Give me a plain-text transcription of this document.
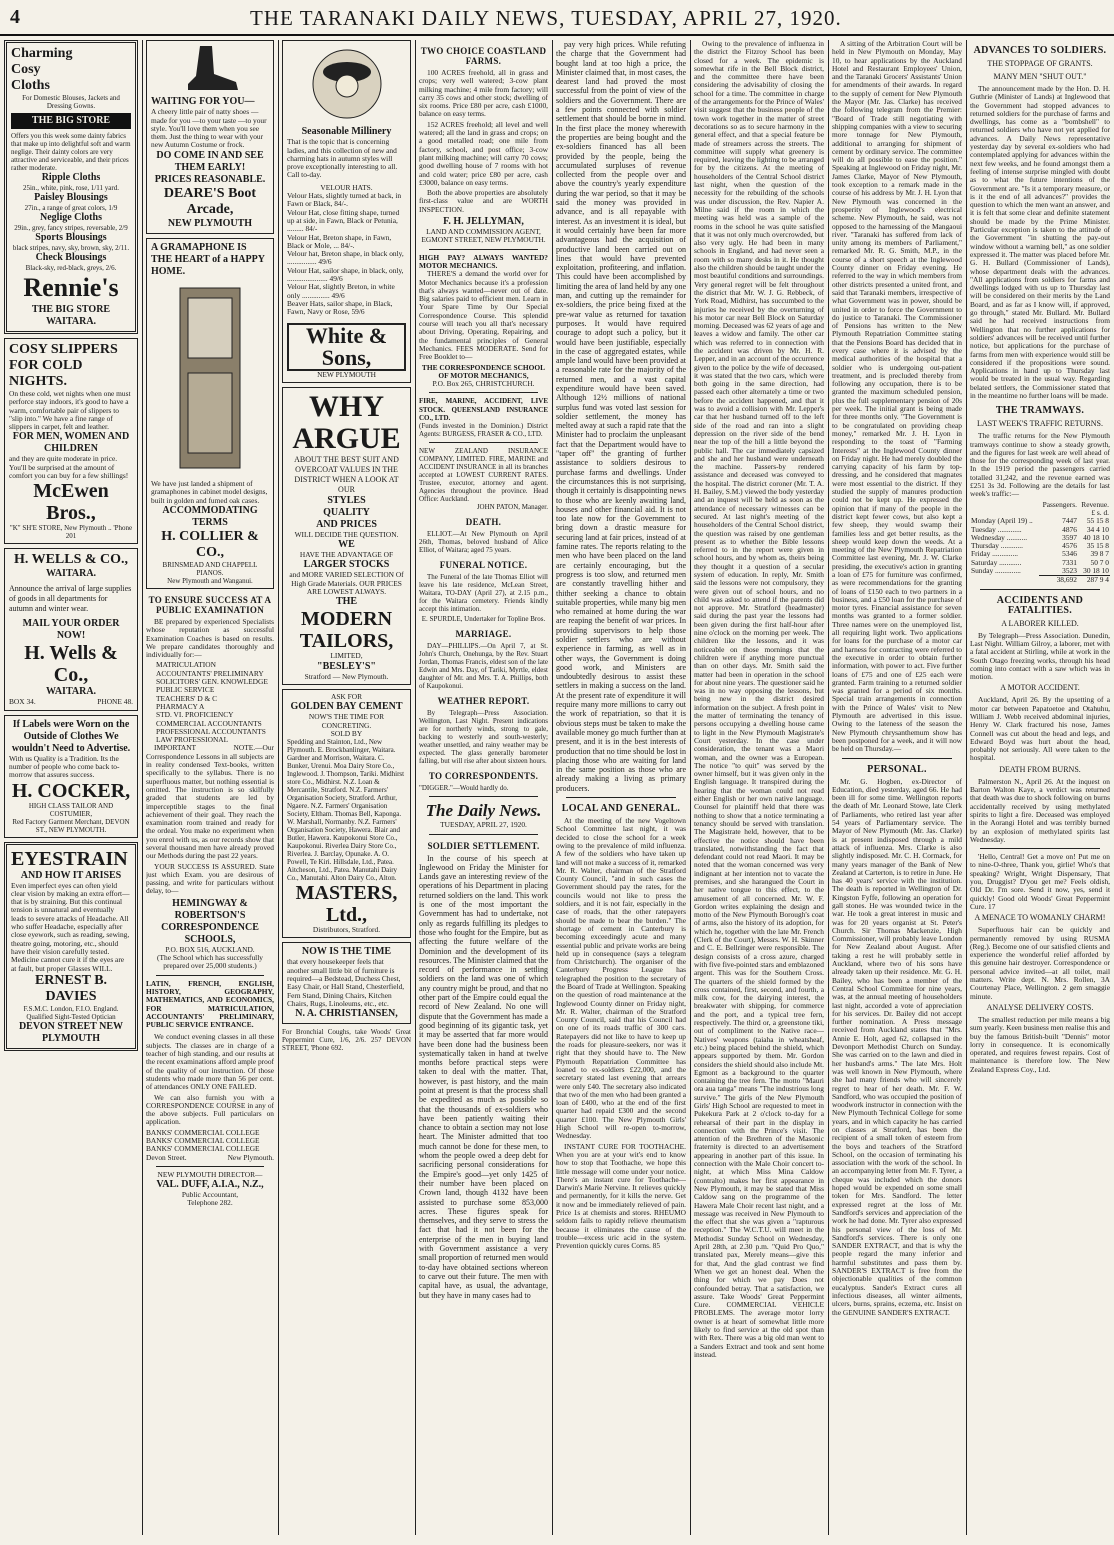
4	THE TARANAKI DAILY NEWS, TUESDAY, APRIL 27, 1920.
Charming
Cosy
Cloths
For Domestic Blouses, Jackets and Dressing Gowns.
THE BIG STORE
Offers you this week some dainty fabrics that make up into delightful soft and warm neglige. Their dainty colors are very attractive and serviceable, and their prices rather moderate.
Ripple Cloths
25in., white, pink, rose, 1/11 yard.
Paisley Blousings
27in., a range of great colors, 1/9
Neglige Cloths
29in., grey, fancy stripes, reversable, 2/9
Sports Blousings
black stripes, navy, sky, brown, sky, 2/11.
Check Blousings
Black-sky, red-black, greys, 2/6.
Rennie's
THE BIG STORE
WAITARA.
COSY SLIPPERS FOR COLD NIGHTS.
On these cold, wet nights when one must perforce stay indoors, it's good to have a warm, comfortable pair of slippers to "slip into." We have a fine range of slippers in carpet, felt and leather.
FOR MEN, WOMEN AND CHILDREN
and they are quite moderate in price. You'll be surprised at the amount of comfort you can buy for a few shillings!
McEwen Bros.,
"K" SH'E STORE, New Plymouth .. 'Phone 201
H. WELLS & CO.,
WAITARA.
Announce the arrival of large supplies of goods in all departments for autumn and winter wear.
MAIL YOUR ORDER NOW!
H. Wells & Co.,
WAITARA.
BOX 34.	PHONE 48.
If Labels were Worn on the Outside of Clothes We wouldn't Need to Advertise.
With us Quality is a Tradition. Its the number of people who come back to-morrow that assures success.
H. COCKER,
HIGH CLASS TAILOR AND COSTUMIER,
Red Factory Garment Merchant, DEVON ST., NEW PLYMOUTH.
EYESTRAIN
AND HOW IT ARISES
Even imperfect eyes can often yield clear vision by making an extra effort—that is by straining. But this continual tension is unnatural and eventually leads to severe attacks of Headache. All who suffer Headache, especially after close eyework, such as reading, sewing, theatre going, motoring, etc., should have their vision carefully tested. Medicine cannot cure it if the eyes are at fault, but proper Glasses WILL.
ERNEST B. DAVIES
F.S.M.C. London, F.I.O. England. Qualified Sight-Tested Optician
DEVON STREET NEW PLYMOUTH
WAITING FOR YOU—
A cheery little pair of natty shoes —made for you —to your taste —to your style. You'll love them when you see them. Just the thing to wear with your new Autumn Costume or frock.
DO COME IN AND SEE THEM EARLY!
PRICES REASONABLE.
DEARE'S Boot Arcade,
NEW PLYMOUTH
A GRAMAPHONE IS THE HEART of a HAPPY HOME.
We have just landed a shipment of gramaphones in cabinet model designs, built in golden and fumed oak cases.
ACCOMMODATING TERMS
H. COLLIER & CO.,
BRINSMEAD AND CHAPPELL PIANOS.
New Plymouth and Wanganui.
TO ENSURE SUCCESS AT A PUBLIC EXAMINATION
BE prepared by experienced Specialists whose reputation as successful Examination Coaches is based on results. We prepare candidates thoroughly and individually for:—
MATRICULATION
ACCOUNTANTS' PRELIMINARY
SOLICITORS' GEN. KNOWLEDGE
PUBLIC SERVICE
TEACHERS' D & C
PHARMACY A
STD. VI. PROFICIENCY
COMMERCIAL ACCOUNTANTS
PROFESSIONAL ACCOUNTANTS
LAW PROFESSIONAL
IMPORTANT NOTE.—Our Correspondence Lessons in all subjects are in reality condensed Text-books, written specifically to the syllabus. There is no superfluous matter, but nothing essential is omitted. The instruction is so skilfully graded that students are led by imperceptible stages to the final achievement of their goal. They reach the examination room trained and ready for the ordeal. You make no experiment when you enrol with us, as our records show that several thousand men have already proved our Methods during the past 22 years.
YOUR SUCCESS IS ASSURED. State just which Exam. you are desirous of passing, and write for particulars without delay, to—
HEMINGWAY & ROBERTSON'S CORRESPONDENCE SCHOOLS,
P.O. BOX 516, AUCKLAND.
(The School which has successfully prepared over 25,000 students.)
LATIN, FRENCH, ENGLISH, HISTORY, GEOGRAPHY, MATHEMATICS, AND ECONOMICS, FOR MATRICULATION, ACCOUNTANTS' PRELIMINARY, PUBLIC SERVICE ENTRANCE.
We conduct evening classes in all these subjects. The classes are in charge of a teacher of high standing, and our results at the recent examinations afford ample proof of the quality of our instruction. Of those students who made more than 56 per cent. of attendances ONLY ONE FAILED.
We can also furnish you with a CORRESPONDENCE COURSE in any of the above subjects. Full particulars on application.
BANKS' COMMERCIAL COLLEGE
BANKS' COMMERCIAL COLLEGE
BANKS' COMMERCIAL COLLEGE
Devon Street.	New Plymouth.
NEW PLYMOUTH DIRECTOR—
VAL. DUFF, A.I.A., N.Z.,
Public Accountant,
Telephone 282.
Seasonable Millinery
That is the topic that is concerning ladies, and this collection of new and charming hats in autumn styles will prove exceptionally interesting to all. Call to-day.
VELOUR HATS.
Velour Hats, slightly turned at back, in Fawn or Black, 84/-.
Velour Hat, close fitting shape, turned up at side, in Fawn, Black or Petunia, ......... 84/-
Velour Hat, Breton shape, in Fawn, Black or Mole, ... 84/-.
Velour hat, Breton shape, in black only, ................ 49/6
Velour Hat, sailor shape, in black, only, ...................... 49/6
Velour Hat, slightly Breton, in white only ............... 49/6
Beaver Hats, sailor shape, in Black, Fawn, Navy or Rose, 59/6
White & Sons,
NEW PLYMOUTH
WHY
ARGUE
ABOUT THE BEST SUIT AND OVERCOAT VALUES IN THE DISTRICT WHEN A LOOK AT OUR
STYLES
QUALITY
AND PRICES
WILL DECIDE THE QUESTION.
WE
HAVE THE ADVANTAGE OF
LARGER STOCKS
and MORE VARIED SELECTION Of High Grade Materials. OUR PRICES ARE LOWEST ALWAYS.
THE
MODERN
TAILORS,
LIMITED,
"BESLEY'S"
Stratford — New Plymouth.
ASK FOR
GOLDEN BAY CEMENT
NOW'S THE TIME FOR CONCRETING.
SOLD BY
Spedding and Stainton, Ltd., New Plymouth. E. Brockbanlinger, Waitara. Gardner and Morrison, Waitara. C. Bunker, Urenui. Moa Dairy Store Co., Inglewood. J. Thompson, Tariki. Midhirst store Co., Midhirst. N.Z. Loan & Mercantile, Stratford. N.Z. Farmers' Organisation Society, Stratford. Arthur, Ngaere. N.Z. Farmers' Organisation Society, Eltham. Thomas Bell, Kaponga. W. Marshall, Normanby. N.Z. Farmers' Organisation Society, Hawera. Blair and Butler, Hawera. Kaupokonui Store Co., Kaupokonui. Riverlea Dairy Store Co., Riverlea. J. Barclay, Opunake. A. O. Powell, Te Kiri. Hillsdale, Ltd., Patea. Aitcheson, Ltd., Patea. Manutahi Dairy Co., Manutahi. Alton Dairy Co., Alton.
MASTERS, Ltd.,
Distributors, Stratford.
NOW IS THE TIME
that every housekeeper feels that another small little bit of furniture is required—a Bedstead, Duchess Chest, Easy Chair, or Hall Stand, Chesterfield, Fern Stand, Dining Chairs, Kitchen Chairs, Rugs, Linoleums, etc., etc.
N. A. CHRISTIANSEN,
For Bronchial Coughs, take Woods' Great Peppermint Cure, 1/6, 2/6. 257 DEVON STREET, 'Phone 692.
TWO CHOICE COASTLAND FARMS.
100 ACRES freehold, all in grass and crops; very well watered; 3-cow plant milking machine; 4 mile from factory; will carry 35 cows and other stock; dwelling of six rooms. Price £80 per acre, cash £1000, balance on easy terms.
152 ACRES freehold; all level and well watered; all the land in grass and crops; on a good metalled road; one mile from factory, school, and post office; 3-cow plant milking machine; will carry 70 cows; good dwelling house of 7 rooms with hot and cold water; price £80 per acre, cash £3000, balance on easy terms.
Both the above properties are absolutely first-class value and are WORTH INSPECTION.
F. H. JELLYMAN,
LAND AND COMMISSION AGENT, EGMONT STREET, NEW PLYMOUTH.
HIGH PAY? ALWAYS WANTED? MOTOR MECHANICS.
THERE'S a demand the world over for Motor Mechanics because it's a profession that's always wanted—never out of date. Big salaries paid to efficient men. Learn in Your Spare Time by Our Special Correspondence Course. This splendid course will teach you all that's necessary about Driving, Operating, Repairing, and the fundamental principles of General Mechanics. FEES MODERATE. Send for Free Booklet to—
THE CORRESPONDENCE SCHOOL OF MOTOR MECHANICS,
P.O. Box 265, CHRISTCHURCH.
FIRE, MARINE, ACCIDENT, LIVE STOCK. QUEENSLAND INSURANCE CO., LTD.
(Funds invested in the Dominion.) District Agents: BURGESS, FRASER & CO., LTD.
NEW ZEALAND INSURANCE COMPANY, LIMITED. FIRE, MARINE and ACCIDENT INSURANCE in all its branches accepted at LOWEST CURRENT RATES. Trustee, executor, attorney and agent. Agencies throughout the province. Head Office: Auckland.
JOHN PATON, Manager.
DEATH.
ELLIOT.—At New Plymouth on April 26th, Thomas, beloved husband of Alice Elliot, of Waitara; aged 75 years.
FUNERAL NOTICE.
The Funeral of the late Thomas Elliot will leave his late residence, McLean Street, Waitara, TO-DAY (April 27), at 2.15 p.m., for the Waitara cemetery. Friends kindly accept this intimation.
E. SPURDLE, Undertaker for Topline Bros.
MARRIAGE.
DAY—PHILLIPS.—On April 7, at St. John's Church, Onehunga, by the Rev. Stuart Jordan, Thomas Francis, eldest son of the late Edwin and Mrs. Day, of Tariki, Myrtle, eldest daughter of Mr. and Mrs. T. A. Phillips, both of Kaupokonui.
WEATHER REPORT.
By Telegraph—Press Association. Wellington, Last Night. Present indications are for northerly winds, strong to gale, backing to westerly and south-westerly; weather unsettled, and rainy weather may be expected. The glass generally barometer falling, but will rise after about sixteen hours.
TO CORRESPONDENTS.
"DIGGER."—Would hardly do.
The Daily News.
TUESDAY, APRIL 27, 1920.
SOLDIER SETTLEMENT.
In the course of his speech at Inglewood on Friday the Minister for Lands gave an interesting review of the operations of his Department in placing returned soldiers on the land. This work is one of the most important the Government has had to undertake, not only as regards fulfilling its pledges to those who fought for the Empire, but as affecting the future welfare of the Dominion and the development of its resources. The Minister claimed that the record of performance in settling soldiers on the land was one of which any country might be proud, and that no other part of the Empire could equal the record of New Zealand. No one will dispute that the Government has made a good beginning of its gigantic task, yet it may be asserted that far more would have been done had the business been systematically taken in hand at twelve months before practical steps were taken to deal with the matter. That, however, is past history, and the main point at present is that the process shall be expedited as much as possible so that the thousands of ex-soldiers who have been patiently waiting their chance to obtain a section may not lose heart. The Minister admitted that too much cannot be done for these men, to whom the people owed a deep debt for sacrificing personal considerations for the Empire's good—yet only 1425 of their number have been placed on Crown land, though 4132 have been assisted to purchase some 853,000 acres. These figures speak for themselves, and they serve to stress the fact that had it not been for the enterprise of the men in buying land with Government assistance a very small proportion of returned men would to-day have obtained sections whereon to carve out their future. The men with capital have, as usual, the advantage, but they have in many cases had to
pay very high prices. While refuting the charge that the Government had bought land at too high a price, the Minister claimed that, in most cases, the dearest land had proved the most successful from the point of view of the soldiers and the Government. There are a few points connected with soldier settlement that should be borne in mind. In the first place the money wherewith the properties are being bought and the ex-soldiers financed has all been provided by the people, being the accumulated surpluses of revenue collected from the people over and above the country's yearly expenditure during the war period, so that it may be said the money was provided in advance, and is all repayable with interest. As an investment it is ideal, but it would certainly have been far more advantageous had the acquisition of productive land been carried out on lines that would have prevented exploitation, profiteering, and inflation. This could have been accomplished by limiting the area of land held by any one man, and cutting up the remainder for ex-soldiers, the price being fixed at the pre-war value as returned for taxation purposes. It would have required courage to adopt such a policy, but it would have been justifiable, especially in the case of aggregated estates, while ample land would have been provided at a reasonable rate for the majority of the returned men, and a vast capital expenditure would have been saved. Although 12½ millions of national surplus fund was voted last session for soldier settlement, the money has melted away at such a rapid rate that the Minister had to proclaim the unpleasant fact that the Department would have to "taper off" the granting of further assistance to soldiers desirous to purchase farms and dwellings. Under the circumstances this is not surprising, though it certainly is disappointing news to those who are keenly awaiting land, houses and other financial aid. It is not too late now for the Government to bring down a drastic measure for securing land at fair prices, instead of at famine rates. The reports relating to the men who have been placed on the land are certainly encouraging, but the progress is too slow, and returned men are constantly travelling hither and thither seeking a chance to obtain suitable properties, while many big men who remained at home during the war are reaping the benefit of war prices. In providing supervisors to help those soldier settlers who are without experience in farming, as well as in other ways, the Government is doing good work, and Ministers are undoubtedly desirous to assist these settlers in making a success on the land. At the present rate of expenditure it will require many more millions to carry out the work of repatriation, so that it is obvious steps must be taken to make the available money go much further than at present, and it is in the best interests of production that no time should be lost in placing those who are waiting for land in the same position as those who are already making a living as primary producers.
LOCAL AND GENERAL.
At the meeting of the new Vogeltown School Committee last night, it was decided to close the school for a week owing to the prevalence of mild influenza. A few of the soldiers who have taken up land will not make a success of it, remarked Mr. R. Walter, chairman of the Stratford County Council, "and in such cases the Government should pay the rates, for the councils would not like to press the soldiers, and it is not fair, especially in the case of roads, that the other ratepayers should be made to bear the burden." The shortage of cement in Canterbury is becoming exceedingly acute and many essential public and private works are being held up in consequence (says a telegram from Christchurch). The organiser of the Canterbury Progress League has telegraphed the position to the secretary of the Board of Trade at Wellington. Speaking on the question of road maintenance at the Inglewood County dinner on Friday night, Mr. R. Walter, chairman of the Stratford County Council, said that his Council had on one of its roads traffic of 300 cars. Ratepayers did not like to have to keep up the roads for pleasure-seekers, nor was it right that they should have to. The New Plymouth Repatriation Committee has loaned to ex-soldiers £22,000, and the secretary stated last evening that arrears were only £40. The secretary also indicated that two of the men who had been granted a loan of £400, who at the end of the first quarter had repaid £300 and the second quarter £100. The New Plymouth Girls' High School will re-open to-morrow, Wednesday.
INSTANT CURE FOR TOOTHACHE. When you are at your wit's end to know how to stop that Toothache, we hope this little message will come under your notice. There's an instant cure for Toothache—Darwin's Marie Nervine. It relieves quickly and permanently, for it kills the nerve. Get it now and be immediately relieved of pain. Price 1s at chemists and stores. RHEUMO seldom fails to rapidly relieve rheumatism because it eliminates the cause of the trouble—excess uric acid in the system. Prevention quickly cures Corns. 85
Owing to the prevalence of influenza in the district the Fitzroy School has been closed for a week. The epidemic is somewhat rife in the Bell Block district, and the committee there have been considering the advisability of closing the school for a time. The committee in charge of the arrangements for the Prince of Wales' visit suggest that the business people of the town work together in the matter of street decorations so as to secure harmony in the general effect, and that a special feature be made of streamers across the streets. The committee will supply what greenery is required, leaving the lighting to be arranged for by the citizens. At the meeting of householders of the Central School district last night, when the question of the necessity for the rebuilding of the schools was under discussion, the Rev. Napier A. Milne said if the room in which the meeting was held was a sample of the rooms in the school he was quite satisfied that it was not only much overcrowded, but also very ugly. He had been in many schools in England, and had never seen a room with so many desks in it. He thought also the children should be taught under the most beautiful conditions and surroundings. Very general regret will be felt throughout the district that Mr. W. J. G. Rebbeck, of York Road, Midhirst, has succumbed to the injuries he received by the overturning of his motor car near Bell Block on Saturday morning. Deceased was 62 years of age and leaves a widow and family. The other car which was referred to in connection with the accident was driven by Mr. H. R. Lepper, and in an account of the occurrence given to the police by the wife of deceased, it was stated that the two cars, which were both going in the same direction, had passed each other alternately a time or two before the accident happened, and that it was to avoid a collision with Mr. Lepper's car that her husband turned off to the left side of the road and ran into a slight depression on the river side of the bend near the top of the hill a little beyond the public hall. The car immediately capsized and she and her husband were underneath the machine. Passers-by rendered assistance and deceased was conveyed to the hospital. The district coroner (Mr. T. A. H. Bailey, S.M.) viewed the body yesterday and an inquest will be held as soon as the attendance of necessary witnesses can be secured. At last night's meeting of the householders of the Central School district, the question was raised by one gentleman present as to whether the Bible lessons referred to in the report were given in school hours, and by whom as, theirs being they thought it a question of a secular system of education. In reply, Mr. Smith said the lessons were not compulsory, they were given out of school hours, and no child was asked to attend if the parents did not approve. Mr. Stratford (headmaster) said during the past year the lessons had been given during the first half-hour after nine o'clock on the morning per week. The children like the lessons, and it was noticeable on those mornings that the children were if anything more punctual than on other days. Mr. Smith said the matter had been in operation in the school for about nine years. The questioner said he was in no way opposing the lessons, but being new in the district desired information on the subject. A fresh point in the matter of terminating the tenancy of persons occupying a dwelling house came to light in the New Plymouth Magistrate's Court yesterday. In the case under consideration, the tenant was a Maori woman, and the owner was a European. The notice "to quit" was served by the owner himself, but it was given only in the English language. It transpired during the hearing that the woman could not read either English or her own native language. Counsel for plaintiff held that there was nothing to show that a notice terminating a tenancy should be served with translation. The Magistrate held, however, that to be effective the notice should have been translated, notwithstanding the fact that defendant could not read Maori. It may be noted that the woman concerned was very indignant at her intention not to vacate the premises, and she harangued the Court in her native tongue to this effect, to the amusement of all concerned. Mr. W. F. Gordon writes explaining the design and motto of the New Plymouth Borough's coat of arms, also the history of its adoption, for which he, together with the late Mr. French (Clerk of the Court), Messrs. W. H. Skinner and C. E. Bellringer were responsible. The design consists of a cross azure, charged with five five-pointed stars and emblazoned argent. This was for the Southern Cross. The quarters of the shield formed by the cross contained, first, second, and fourth, a milk cow, for the dairying interest, the breakwater with shipping, for commerce and the port, and a typical tree fern, respectively. The third or, a greenstone tiki, out of compliment to the Native race—Natives' weapons (taiaha in wheatsheaf, etc.) being placed behind the shield, which appears supported by them. Mr. Gordon considers the shield should also include Mt. Egmont as a background to the quarter containing the tree fern. The motto "Mauri ora aua tanga" means "The industrious long survive." The girls of the New Plymouth Girls' High School are requested to meet in Pukekura Park at 2 o'clock to-day for a rehearsal of their part in the display in connection with the Prince's visit. The attention of the Brethren of the Masonic fraternity is directed to an advertisement appearing in another part of this issue. In connection with the Male Choir concert to-night, at which Miss Mina Caldow (contralto) makes her first appearance in New Plymouth, it may be stated that Miss Caldow sang on the programme of the Hawera Male Choir recent last night, and a message was received in New Plymouth to the effect that she was given a "rapturous reception." The W.C.T.U. will meet in the Methodist Sunday School on Wednesday, April 28th, at 2.30 p.m. "Quid Pro Quo," translated pax, Merely means—give this for that, And the glad contrast we find When we get an honest deal. When the thing for which we pay Does not confounded betray. That a satisfaction, we assure. Take Woods' Great Peppermint Cure. COMMERCIAL VEHICLE PROBLEMS. The average motor lorry owner is at heart of somewhat little more likely to find service at the old spot than with Rex. There was a big old man went to a Sanders Extract and took and sent home instead.
A sitting of the Arbitration Court will be held in New Plymouth on Monday, May 10, to hear applications by the Auckland Hotel and Restaurant Employees' Union, and the Taranaki Grocers' Assistants' Union for amendments of their awards. In regard to the supply of cement for New Plymouth the Mayor (Mr. Jas. Clarke) has received the following telegram from the Premier: "Board of Trade still negotiating with shipping companies with a view to securing more tonnage for New Plymouth, additional to arranging for shipment of cement by ordinary service. The committee will do all possible to ease the position." Speaking at Inglewood on Friday night, Mr. James Clarke, Mayor of New Plymouth, took exception to a remark made in the course of his address by Mr. J. H. Lyon that New Plymouth was concerned in the prosperity of Inglewood's electrical scheme. New Plymouth, he said, was not opposed to the harnessing of the Mangaoui river. "Taranaki has suffered from lack of unity among its members of Parliament," remarked Mr. R. G. Smith, M.P., in the course of a short speech at the Inglewood County dinner on Friday evening. He referred to the way in which members from other districts presented a united front, and said that Taranaki members, irrespective of what Government was in power, should be united in order to force the Government to do justice to Taranaki. The Commissioner of Pensions has written to the New Plymouth Repatriation Committee stating that the Pensions Board has decided that in every case where it is advised by the medical authorities of the hospital that a soldier who is undergoing out-patient treatment, and is precluded thereby from following any occupation, there is to be granted the maximum scheduled pension, plus the full supplementary pension of 20s per week. The initial grant is being made for three months only. "The Government is to be congratulated on providing cheap money," remarked Mr. J. H. Lyon in responding to the toast of "Farming Interests" at the Inglewood County dinner on Friday night. He had merely doubled the carrying capacity of his farm by top-dressing, and he considered that magnates were most essential to the district. If they studied the supply of manures production could not be kept up. He expressed the opinion that if many of the people in the district kept fewer cows, but also kept a few sheep, they would swamp their families less and get better results, as the sheep would keep down the weeds. At a meeting of the New Plymouth Repatriation Committee last evening, Mr. J. W. Clarke presiding, the executive's action in granting a loan of £75 for furniture was confirmed, as were recommendations for the granting of loans of £150 each to two partners in a business, and a £50 loan for the purchase of motor tyres. Financial assistance for seven months was granted to a former soldier. Three names were on the unemployed list, all requiring light work. Two applications for loans for the purchase of a motor car and harness for contracting were referred to the executive in order to obtain further information, with power to act. Five further loans of £75 and one of £25 each were granted. Farm training to a returned soldier was granted for a period of six months. Special train arrangements in connection with the Prince of Wales' visit to New Plymouth are advertised in this issue. Owing to the lateness of the season the New Plymouth chrysanthemum show has been postponed for a week, and it will now be held on Thursday.—
PERSONAL.
Mr. G. Hogben, ex-Director of Education, died yesterday, aged 66. He had been ill for some time. Wellington reports the death of Mr. Leonard Stowe, late Clerk of Parliaments, who retired last year after 54 years of Parliamentary service. The Mayor of New Plymouth (Mr. Jas. Clarke) is at present indisposed through a mild attack of influenza. Mrs. Clarke is also slightly indisposed. Mr. C. H. Cormack, for many years manager of the Bank of New Zealand at Carterton, is to retire in June. He has 40 years' service with the institution. The death is reported in Wellington of Dr. Kingston Fyffe, following an operation for gall stones. He was wounded twice in the war. He took a great interest in music and was for 20 years organist at St. Peter's Church. Sir Thomas Mackenzie, High Commissioner, will probably leave London for New Zealand about August. After taking a rest he will probably settle in Auckland, where two of his sons have already taken up their residence. Mr. G. H. Bailey, who has been a member of the Central School Committee for nine years, was, at the annual meeting of householders last night, accorded a vote of appreciation for his services. Dr. Bailey did not accept further nomination. A Press message received from Auckland states that "Mrs. Annie E. Holt, aged 62, collapsed in the Devonport Methodist Church on Sunday. She was carried on to the lawn and died in her husband's arms." The late Mrs. Holt was well known in New Plymouth, where she had many friends who will sincerely regret to hear of her death. Mr. F. W. Sandford, who was occupied the position of woodwork instructor in connection with the New Plymouth Technical College for some years, and in which capacity he has carried on classes at Stratford, has been the recipient of a small token of esteem from the boys and teachers of the Stratford School, on the occasion of terminating his association with the work of the school. In an accompanying letter from Mr. F. Tyrer, a cheque was included which the donors hoped would be expended on some small token for Mrs. Sandford. The letter expressed regret at the loss of Mr. Sandford's services and appreciation of the work he had done. Mr. Tyrer also expressed his personal view of the loss of Mr. Sandford's services. There is only one SANDER EXTRACT, and that is why the people regard the many inferior and harmful substitutes and pass them by. SANDER'S EXTRACT is free from the objectionable qualities of the common eucalyptus. Sander's Extract cures all infectious diseases, all winter ailments, ulcers, burns, sprains, eczema, etc. Insist on the GENUINE SANDER'S EXTRACT.
ADVANCES TO SOLDIERS.
THE STOPPAGE OF GRANTS.
MANY MEN "SHUT OUT."
The announcement made by the Hon. D. H. Guthrie (Minister of Lands) at Inglewood that the Government had stopped advances to returned soldiers for the purchase of farms and dwellings, has come as a "bombshell" to returned soldiers who have not yet applied for advances. A Daily News representative yesterday day by several ex-soldiers who had contemplated applying for advances within the next few weeks, and he found amongst them a feeling of intense surprise mingled with doubt as to what the future intentions of the Government are. "Is it a temporary measure, or is it the end of all advances?" provides the question to which the men want an answer, and it is felt that some clear and definite statement should be made by the Prime Minister. Particular exception is taken to the attitude of the Government "in shutting the pay-out window without a warning bell," as one soldier expressed it. The matter was placed before Mr. G. H. Bullard (Commissioner of Lands), whose department deals with the advances. "All applications from soldiers for farms and dwellings lodged with us up to Thursday last will be considered on their merits by the Land Board, and as far as I know will, if approved, go through," stated Mr. Bullard. Mr. Bullard said he had received instructions from Wellington that no further applications for soldiers' advances will be received until further notice, but applications for the purchase of farms from men with experience would still be considered if the propositions were sound. Applications in hand up to Thursday last would be treated in the usual way. Regarding belated settlers, the Commissioner stated that in the meantime no further loans will be made.
THE TRAMWAYS.
LAST WEEK'S TRAFFIC RETURNS.
The traffic returns for the New Plymouth tramways continue to show a steady growth, and the figures for last week are well ahead of those for the corresponding week of last year. In the 1919 period the passengers carried totalled 31,242, and the revenue earned was £251 3s 3d. Following are the details for last week's traffic:—
	Passengers.	Revenue.
		£ s. d.
Monday (April 19) ..	7447	55 15 8
Tuesday .............	4876	34 4 10
Wednesday ...........	3597	40 18 10
Thursday ............	4576	35 15 8
Friday ..............	5346	39 8 7
Saturday ............	7331	50 7 0
Sunday ..............	3523	30 18 10
	38,692	287 9 4
ACCIDENTS AND FATALITIES.
A LABORER KILLED.
By Telegraph—Press Association. Dunedin, Last Night. William Gilroy, a laborer, met with a fatal accident at Stirling, while at work in the South Otago freezing works, through his head coming into contact with a saw which was in motion.
A MOTOR ACCIDENT.
Auckland, April 26. By the upsetting of a motor car between Papatoetoe and Otahuhu, William J. Webb received abdominal injuries, Henry W. Clark fractured his nose, James Connell was cut about the head and legs, and Edward Boyd was hurt about the head, probably not seriously. All were taken to the hospital.
DEATH FROM BURNS.
Palmerston N., April 26. At the inquest on Barton Walton Kaye, a verdict was returned that death was due to shock following on burns accidentally received by using methylated spirits to light a fire. Deceased was employed in the Aorangi Hotel and was terribly burned by an explosion of methylated spirits last Wednesday.
'Hello, Central! Get a move on! Put me on to nine-O-three, Thank you, girlie! Who's that speaking? Wright, Wright Dispensary, That you, Druggist? D'you get me? Feels oldish, Old Dr. I'm sore. Send it now, yes, send it quickly! Good old Woods' Great Peppermint Cure. 17
A MENACE TO WOMANLY CHARM!
Superfluous hair can be quickly and permanently removed by using RUSMA (Reg.). Become one of our satisfied clients and experience the wonderful relief afforded by this genuine hair destroyer. Correspondence or personal advice invited—at all toilet, mail matters. Write dept. N. Mrs. Rollen, 3A Courtenay Place, Wellington. 2 gem smaggie minute.
ANALYSE DELIVERY COSTS.
The smallest reduction per mile means a big sum yearly. Keen business men realise this and buy the famous British-built "Dennis" motor lorry in consequence. It is economically operated, and requires fewest repairs. Cost of maintenance is therefore low. The New Zealand Express Coy., Ltd.
